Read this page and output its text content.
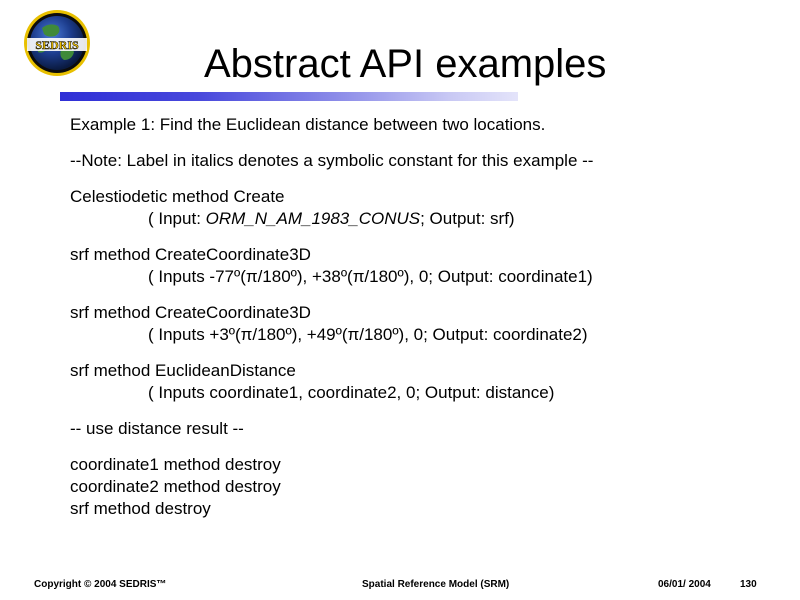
SEDRIS	Abstract API examples

Example 1: Find the Euclidean distance between two locations.

--Note: Label in italics denotes a symbolic constant for this example --

Celestiodetic method Create

( Input: ORM_N_AM_1983_CONUS; Output: srf)

srf method CreateCoordinate3D

( Inputs -77º(π/180º), +38º(π/180º), 0; Output: coordinate1)

srf method CreateCoordinate3D

( Inputs +3º(π/180º), +49º(π/180º), 0; Output: coordinate2)

srf method EuclideanDistance

( Inputs coordinate1, coordinate2, 0; Output: distance)

-- use distance result --

coordinate1 method destroy

coordinate2 method destroy

srf method destroy

Copyright © 2004 SEDRIS™	Spatial Reference Model (SRM)	06/01/ 2004	130
